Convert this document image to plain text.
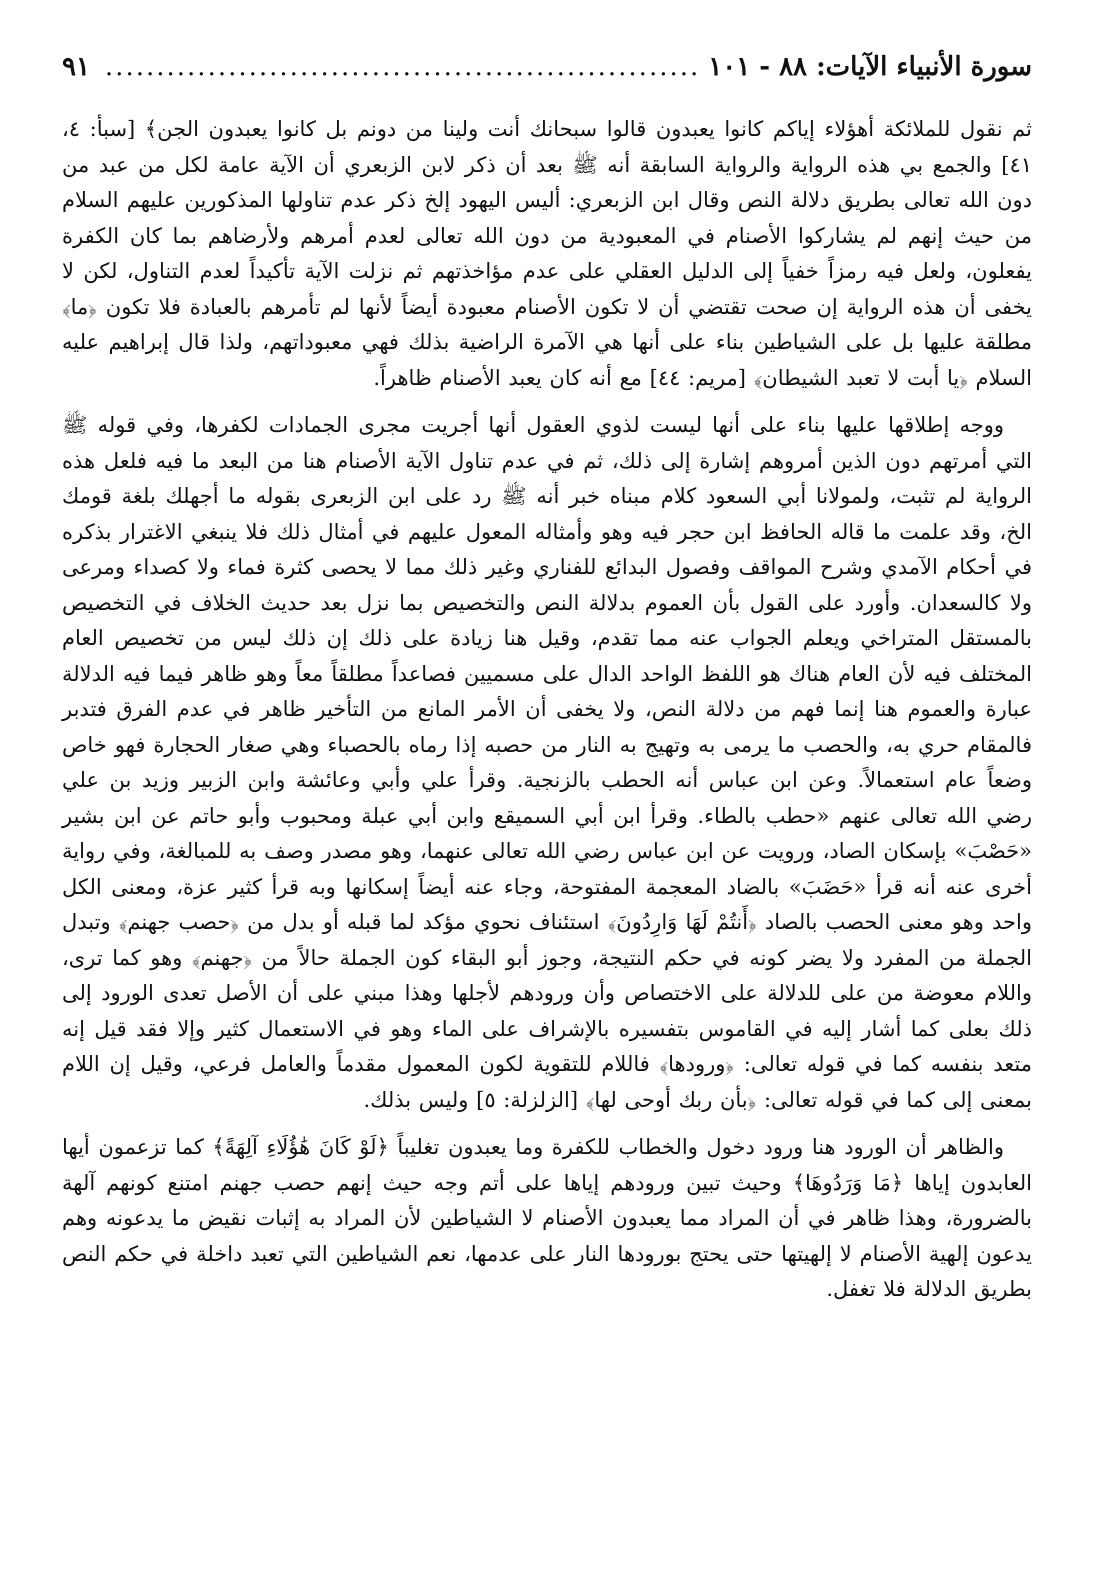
سورة الأنبياء الآيات: ٨٨ - ١٠١
..........................................................
٩١

ثم نقول للملائكة أهؤلاء إياكم كانوا يعبدون قالوا سبحانك أنت ولينا من دونم بل كانوا يعبدون الجن﴾ [سبأ: ٤، ٤١] والجمع بي هذه الرواية والرواية السابقة أنه ﷺ بعد أن ذكر لابن الزبعري أن الآية عامة لكل من عبد من دون الله تعالى بطريق دلالة النص وقال ابن الزبعري: أليس اليهود إلخ ذكر عدم تناولها المذكورين عليهم السلام من حيث إنهم لم يشاركوا الأصنام في المعبودية من دون الله تعالى لعدم أمرهم ولأرضاهم بما كان الكفرة يفعلون، ولعل فيه رمزاً خفياً إلى الدليل العقلي على عدم مؤاخذتهم ثم نزلت الآية تأكيداً لعدم التناول، لكن لا يخفى أن هذه الرواية إن صحت تقتضي أن لا تكون الأصنام معبودة أيضاً لأنها لم تأمرهم بالعبادة فلا تكون ﴿ما﴾ مطلقة عليها بل على الشياطين بناء على أنها هي الآمرة الراضية بذلك فهي معبوداتهم، ولذا قال إبراهيم عليه السلام ﴿يا أبت لا تعبد الشيطان﴾ [مريم: ٤٤] مع أنه كان يعبد الأصنام ظاهراً.

ووجه إطلاقها عليها بناء على أنها ليست لذوي العقول أنها أجريت مجرى الجمادات لكفرها، وفي قوله ﷺ التي أمرتهم دون الذين أمروهم إشارة إلى ذلك، ثم في عدم تناول الآية الأصنام هنا من البعد ما فيه فلعل هذه الرواية لم تثبت، ولمولانا أبي السعود كلام مبناه خبر أنه ﷺ رد على ابن الزبعرى بقوله ما أجهلك بلغة قومك الخ، وقد علمت ما قاله الحافظ ابن حجر فيه وهو وأمثاله المعول عليهم في أمثال ذلك فلا ينبغي الاغترار بذكره في أحكام الآمدي وشرح المواقف وفصول البدائع للفناري وغير ذلك مما لا يحصى كثرة فماء ولا كصداء ومرعى ولا كالسعدان. وأورد على القول بأن العموم بدلالة النص والتخصيص بما نزل بعد حديث الخلاف في التخصيص بالمستقل المتراخي ويعلم الجواب عنه مما تقدم، وقيل هنا زيادة على ذلك إن ذلك ليس من تخصيص العام المختلف فيه لأن العام هناك هو اللفظ الواحد الدال على مسميين فصاعداً مطلقاً معاً وهو ظاهر فيما فيه الدلالة عبارة والعموم هنا إنما فهم من دلالة النص، ولا يخفى أن الأمر المانع من التأخير ظاهر في عدم الفرق فتدبر فالمقام حري به، والحصب ما يرمى به وتهيج به النار من حصبه إذا رماه بالحصباء وهي صغار الحجارة فهو خاص وضعاً عام استعمالاً. وعن ابن عباس أنه الحطب بالزنجية. وقرأ علي وأبي وعائشة وابن الزبير وزيد بن علي رضي الله تعالى عنهم «حطب بالطاء. وقرأ ابن أبي السميقع وابن أبي عبلة ومحبوب وأبو حاتم عن ابن بشير «حَصْبَ» بإسكان الصاد، ورويت عن ابن عباس رضي الله تعالى عنهما، وهو مصدر وصف به للمبالغة، وفي رواية أخرى عنه أنه قرأ «حَضَبَ» بالضاد المعجمة المفتوحة، وجاء عنه أيضاً إسكانها وبه قرأ كثير عزة، ومعنى الكل واحد وهو معنى الحصب بالصاد ﴿أَنتُمْ لَهَا وَارِدُونَ﴾ استئناف نحوي مؤكد لما قبله أو بدل من ﴿حصب جهنم﴾ وتبدل الجملة من المفرد ولا يضر كونه في حكم النتيجة، وجوز أبو البقاء كون الجملة حالاً من ﴿جهنم﴾ وهو كما ترى، واللام معوضة من على للدلالة على الاختصاص وأن ورودهم لأجلها وهذا مبني على أن الأصل تعدى الورود إلى ذلك بعلى كما أشار إليه في القاموس بتفسيره بالإشراف على الماء وهو في الاستعمال كثير وإلا فقد قيل إنه متعد بنفسه كما في قوله تعالى: ﴿ورودها﴾ فاللام للتقوية لكون المعمول مقدماً والعامل فرعي، وقيل إن اللام بمعنى إلى كما في قوله تعالى: ﴿بأن ربك أوحى لها﴾ [الزلزلة: ٥] وليس بذلك.

والظاهر أن الورود هنا ورود دخول والخطاب للكفرة وما يعبدون تغليباً ﴿لَوْ كَانَ هَٰؤُلَاءِ آلِهَةً﴾ كما تزعمون أيها العابدون إياها ﴿مَا وَرَدُوهَا﴾ وحيث تبين ورودهم إياها على أتم وجه حيث إنهم حصب جهنم امتنع كونهم آلهة بالضرورة، وهذا ظاهر في أن المراد مما يعبدون الأصنام لا الشياطين لأن المراد به إثبات نقيض ما يدعونه وهم يدعون إلهية الأصنام لا إلهيتها حتى يحتج بورودها النار على عدمها، نعم الشياطين التي تعبد داخلة في حكم النص بطريق الدلالة فلا تغفل.
